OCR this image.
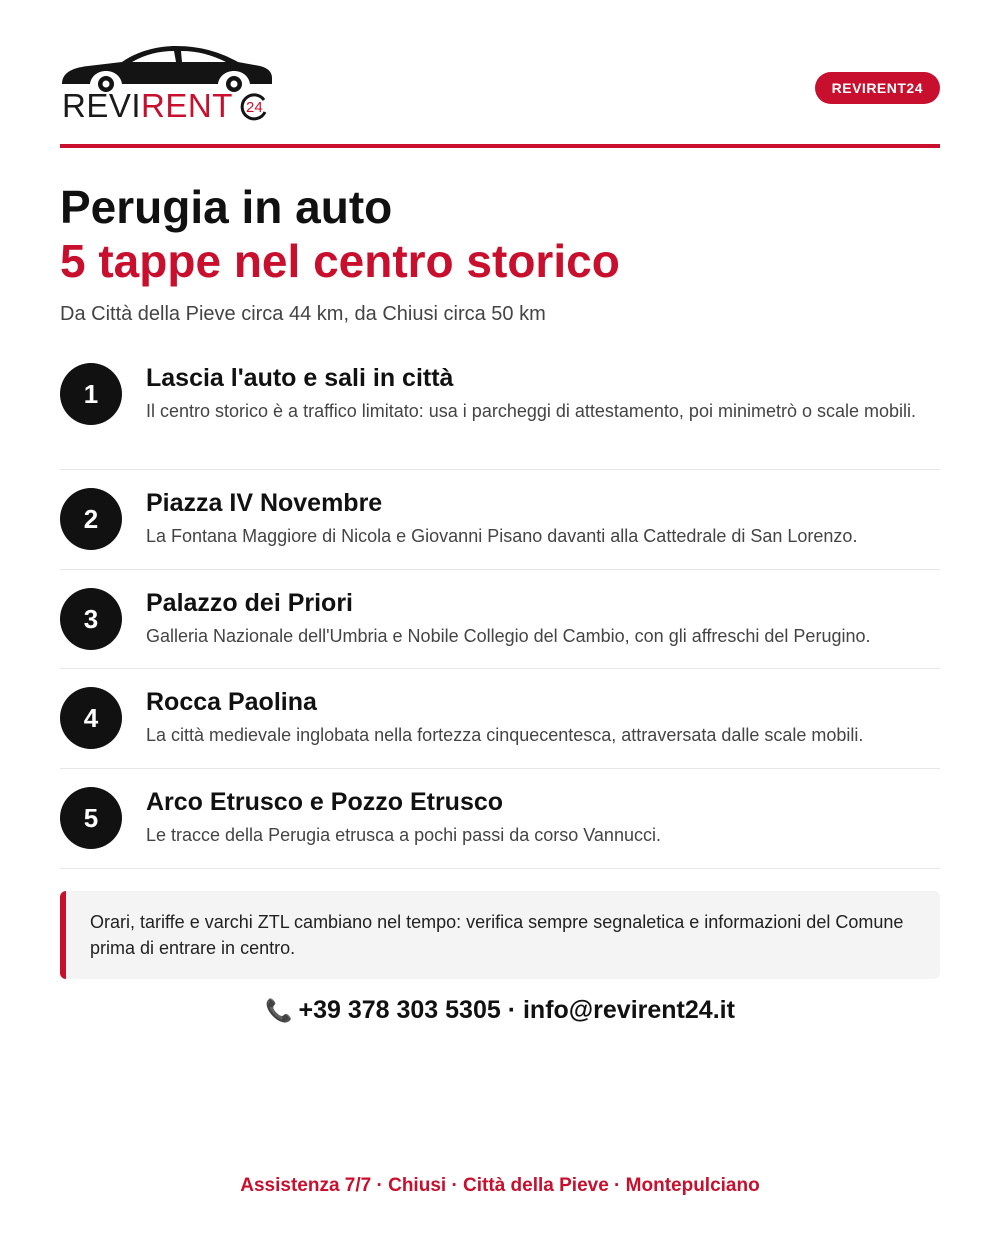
REVIRENT 24
REVIRENT24
Perugia in auto
5 tappe nel centro storico
Da Città della Pieve circa 44 km, da Chiusi circa 50 km
1
Lascia l'auto e sali in città
Il centro storico è a traffico limitato: usa i parcheggi di attestamento, poi minimetrò o scale mobili.
2
Piazza IV Novembre
La Fontana Maggiore di Nicola e Giovanni Pisano davanti alla Cattedrale di San Lorenzo.
3
Palazzo dei Priori
Galleria Nazionale dell'Umbria e Nobile Collegio del Cambio, con gli affreschi del Perugino.
4
Rocca Paolina
La città medievale inglobata nella fortezza cinquecentesca, attraversata dalle scale mobili.
5
Arco Etrusco e Pozzo Etrusco
Le tracce della Perugia etrusca a pochi passi da corso Vannucci.
Orari, tariffe e varchi ZTL cambiano nel tempo: verifica sempre segnaletica e informazioni del Comune prima di entrare in centro.
📞 +39 378 303 5305 · info@revirent24.it
Assistenza 7/7 · Chiusi · Città della Pieve · Montepulciano
